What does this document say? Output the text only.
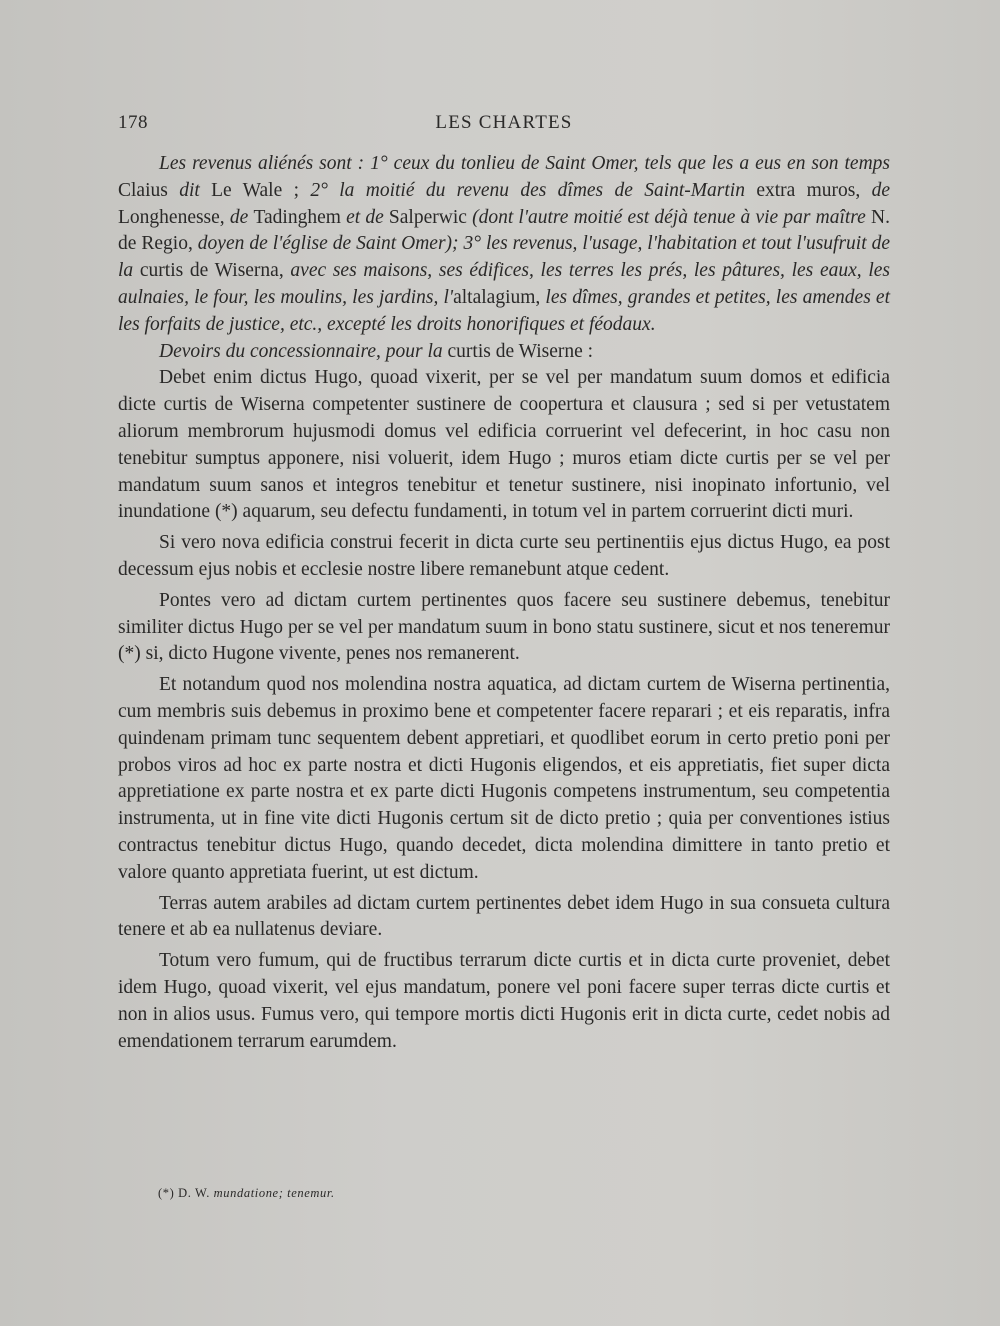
178	LES CHARTES

Les revenus aliénés sont : 1° ceux du tonlieu de Saint Omer, tels que les a eus en son temps Claius dit Le Wale ; 2° la moitié du revenu des dîmes de Saint-Martin extra muros, de Longhenesse, de Tadinghem et de Salperwic (dont l'autre moitié est déjà tenue à vie par maître N. de Regio, doyen de l'église de Saint Omer); 3° les revenus, l'usage, l'habitation et tout l'usufruit de la curtis de Wiserna, avec ses maisons, ses édifices, les terres les prés, les pâtures, les eaux, les aulnaies, le four, les moulins, les jardins, l'altalagium, les dîmes, grandes et petites, les amendes et les forfaits de justice, etc., excepté les droits honorifiques et féodaux.

Devoirs du concessionnaire, pour la curtis de Wiserne :

Debet enim dictus Hugo, quoad vixerit, per se vel per mandatum suum domos et edificia dicte curtis de Wiserna competenter sustinere de coopertura et clausura ; sed si per vetustatem aliorum membrorum hujusmodi domus vel edificia corruerint vel defecerint, in hoc casu non tenebitur sumptus apponere, nisi voluerit, idem Hugo ; muros etiam dicte curtis per se vel per mandatum suum sanos et integros tenebitur et tenetur sustinere, nisi inopinato infortunio, vel inundatione (*) aquarum, seu defectu fundamenti, in totum vel in partem corruerint dicti muri.

Si vero nova edificia construi fecerit in dicta curte seu pertinentiis ejus dictus Hugo, ea post decessum ejus nobis et ecclesie nostre libere remanebunt atque cedent.

Pontes vero ad dictam curtem pertinentes quos facere seu sustinere debemus, tenebitur similiter dictus Hugo per se vel per mandatum suum in bono statu sustinere, sicut et nos teneremur (*) si, dicto Hugone vivente, penes nos remanerent.

Et notandum quod nos molendina nostra aquatica, ad dictam curtem de Wiserna pertinentia, cum membris suis debemus in proximo bene et competenter facere reparari ; et eis reparatis, infra quindenam primam tunc sequentem debent appretiari, et quodlibet eorum in certo pretio poni per probos viros ad hoc ex parte nostra et dicti Hugonis eligendos, et eis appretiatis, fiet super dicta appretiatione ex parte nostra et ex parte dicti Hugonis competens instrumentum, seu competentia instrumenta, ut in fine vite dicti Hugonis certum sit de dicto pretio ; quia per conventiones istius contractus tenebitur dictus Hugo, quando decedet, dicta molendina dimittere in tanto pretio et valore quanto appretiata fuerint, ut est dictum.

Terras autem arabiles ad dictam curtem pertinentes debet idem Hugo in sua consueta cultura tenere et ab ea nullatenus deviare.

Totum vero fumum, qui de fructibus terrarum dicte curtis et in dicta curte proveniet, debet idem Hugo, quoad vixerit, vel ejus mandatum, ponere vel poni facere super terras dicte curtis et non in alios usus. Fumus vero, qui tempore mortis dicti Hugonis erit in dicta curte, cedet nobis ad emendationem terrarum earumdem.

(*) D. W. mundatione; tenemur.
